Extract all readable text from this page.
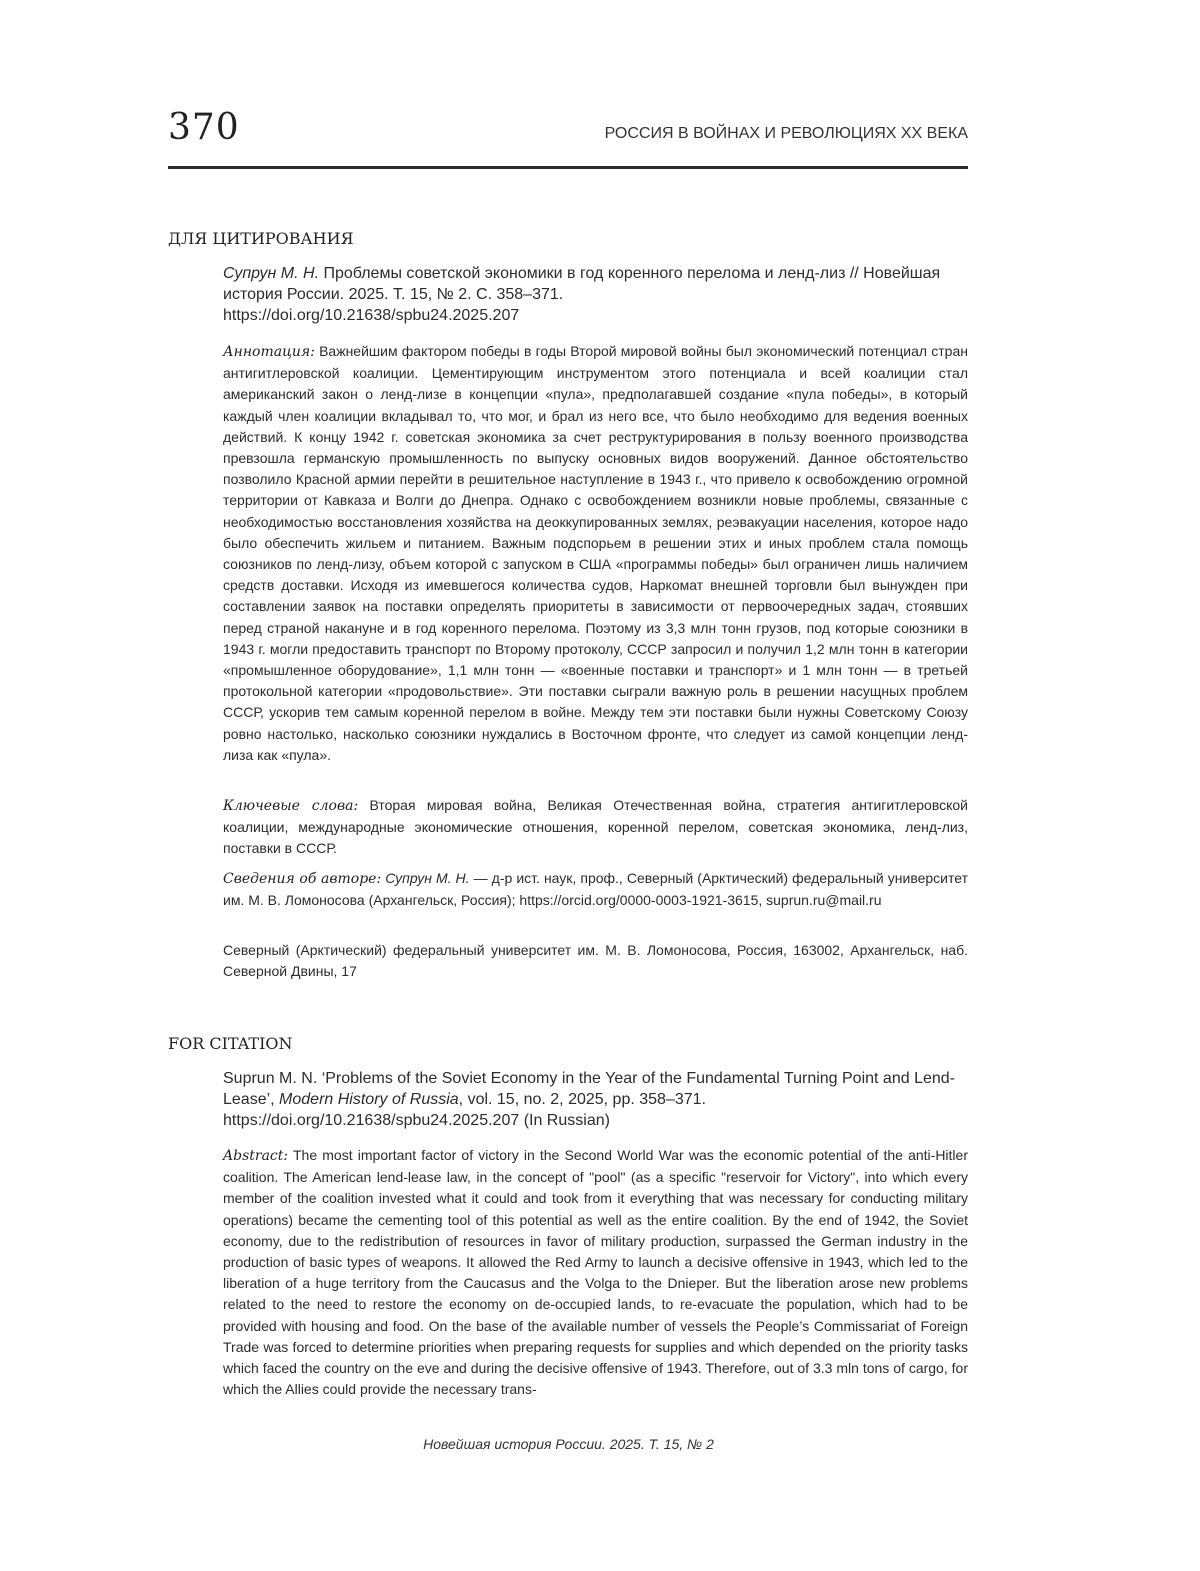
370	РОССИЯ В ВОЙНАХ И РЕВОЛЮЦИЯХ XX ВЕКА
ДЛЯ ЦИТИРОВАНИЯ
Супрун М. Н. Проблемы советской экономики в год коренного перелома и ленд-лиз // Новейшая история России. 2025. Т. 15, № 2. С. 358–371.
https://doi.org/10.21638/spbu24.2025.207
Аннотация: Важнейшим фактором победы в годы Второй мировой войны был экономический потенциал стран антигитлеровской коалиции. Цементирующим инструментом этого потенциала и всей коалиции стал американский закон о ленд-лизе в концепции «пула», предполагавшей создание «пула победы», в который каждый член коалиции вкладывал то, что мог, и брал из него все, что было необходимо для ведения военных действий. К концу 1942 г. советская экономика за счет реструктурирования в пользу военного производства превзошла германскую промышленность по выпуску основных видов вооружений. Данное обстоятельство позволило Красной армии перейти в решительное наступление в 1943 г., что привело к освобождению огромной территории от Кавказа и Волги до Днепра. Однако с освобождением возникли новые проблемы, связанные с необходимостью восстановления хозяйства на деоккупированных землях, реэвакуации населения, которое надо было обеспечить жильем и питанием. Важным подспорьем в решении этих и иных проблем стала помощь союзников по ленд-лизу, объем которой с запуском в США «программы победы» был ограничен лишь наличием средств доставки. Исходя из имевшегося количества судов, Наркомат внешней торговли был вынужден при составлении заявок на поставки определять приоритеты в зависимости от первоочередных задач, стоявших перед страной накануне и в год коренного перелома. Поэтому из 3,3 млн тонн грузов, под которые союзники в 1943 г. могли предоставить транспорт по Второму протоколу, СССР запросил и получил 1,2 млн тонн в категории «промышленное оборудование», 1,1 млн тонн — «военные поставки и транспорт» и 1 млн тонн — в третьей протокольной категории «продовольствие». Эти поставки сыграли важную роль в решении насущных проблем СССР, ускорив тем самым коренной перелом в войне. Между тем эти поставки были нужны Советскому Союзу ровно настолько, насколько союзники нуждались в Восточном фронте, что следует из самой концепции ленд-лиза как «пула».
Ключевые слова: Вторая мировая война, Великая Отечественная война, стратегия антигитлеровской коалиции, международные экономические отношения, коренной перелом, советская экономика, ленд-лиз, поставки в СССР.
Сведения об авторе: Супрун М. Н. — д-р ист. наук, проф., Северный (Арктический) федеральный университет им. М. В. Ломоносова (Архангельск, Россия); https://orcid.org/0000-0003-1921-3615, suprun.ru@mail.ru
Северный (Арктический) федеральный университет им. М. В. Ломоносова, Россия, 163002, Архангельск, наб. Северной Двины, 17
FOR CITATION
Suprun M. N. ‘Problems of the Soviet Economy in the Year of the Fundamental Turning Point and Lend-Lease’, Modern History of Russia, vol. 15, no. 2, 2025, pp. 358–371.
https://doi.org/10.21638/spbu24.2025.207 (In Russian)
Abstract: The most important factor of victory in the Second World War was the economic potential of the anti-Hitler coalition. The American lend-lease law, in the concept of "pool" (as a specific "reservoir for Victory", into which every member of the coalition invested what it could and took from it everything that was necessary for conducting military operations) became the cementing tool of this potential as well as the entire coalition. By the end of 1942, the Soviet economy, due to the redistribution of resources in favor of military production, surpassed the German industry in the production of basic types of weapons. It allowed the Red Army to launch a decisive offensive in 1943, which led to the liberation of a huge territory from the Caucasus and the Volga to the Dnieper. But the liberation arose new problems related to the need to restore the economy on de-occupied lands, to re-evacuate the population, which had to be provided with housing and food. On the base of the available number of vessels the People’s Commissariat of Foreign Trade was forced to determine priorities when preparing requests for supplies and which depended on the priority tasks which faced the country on the eve and during the decisive offensive of 1943. Therefore, out of 3.3 mln tons of cargo, for which the Allies could provide the necessary trans-
Новейшая история России. 2025. Т. 15, № 2
